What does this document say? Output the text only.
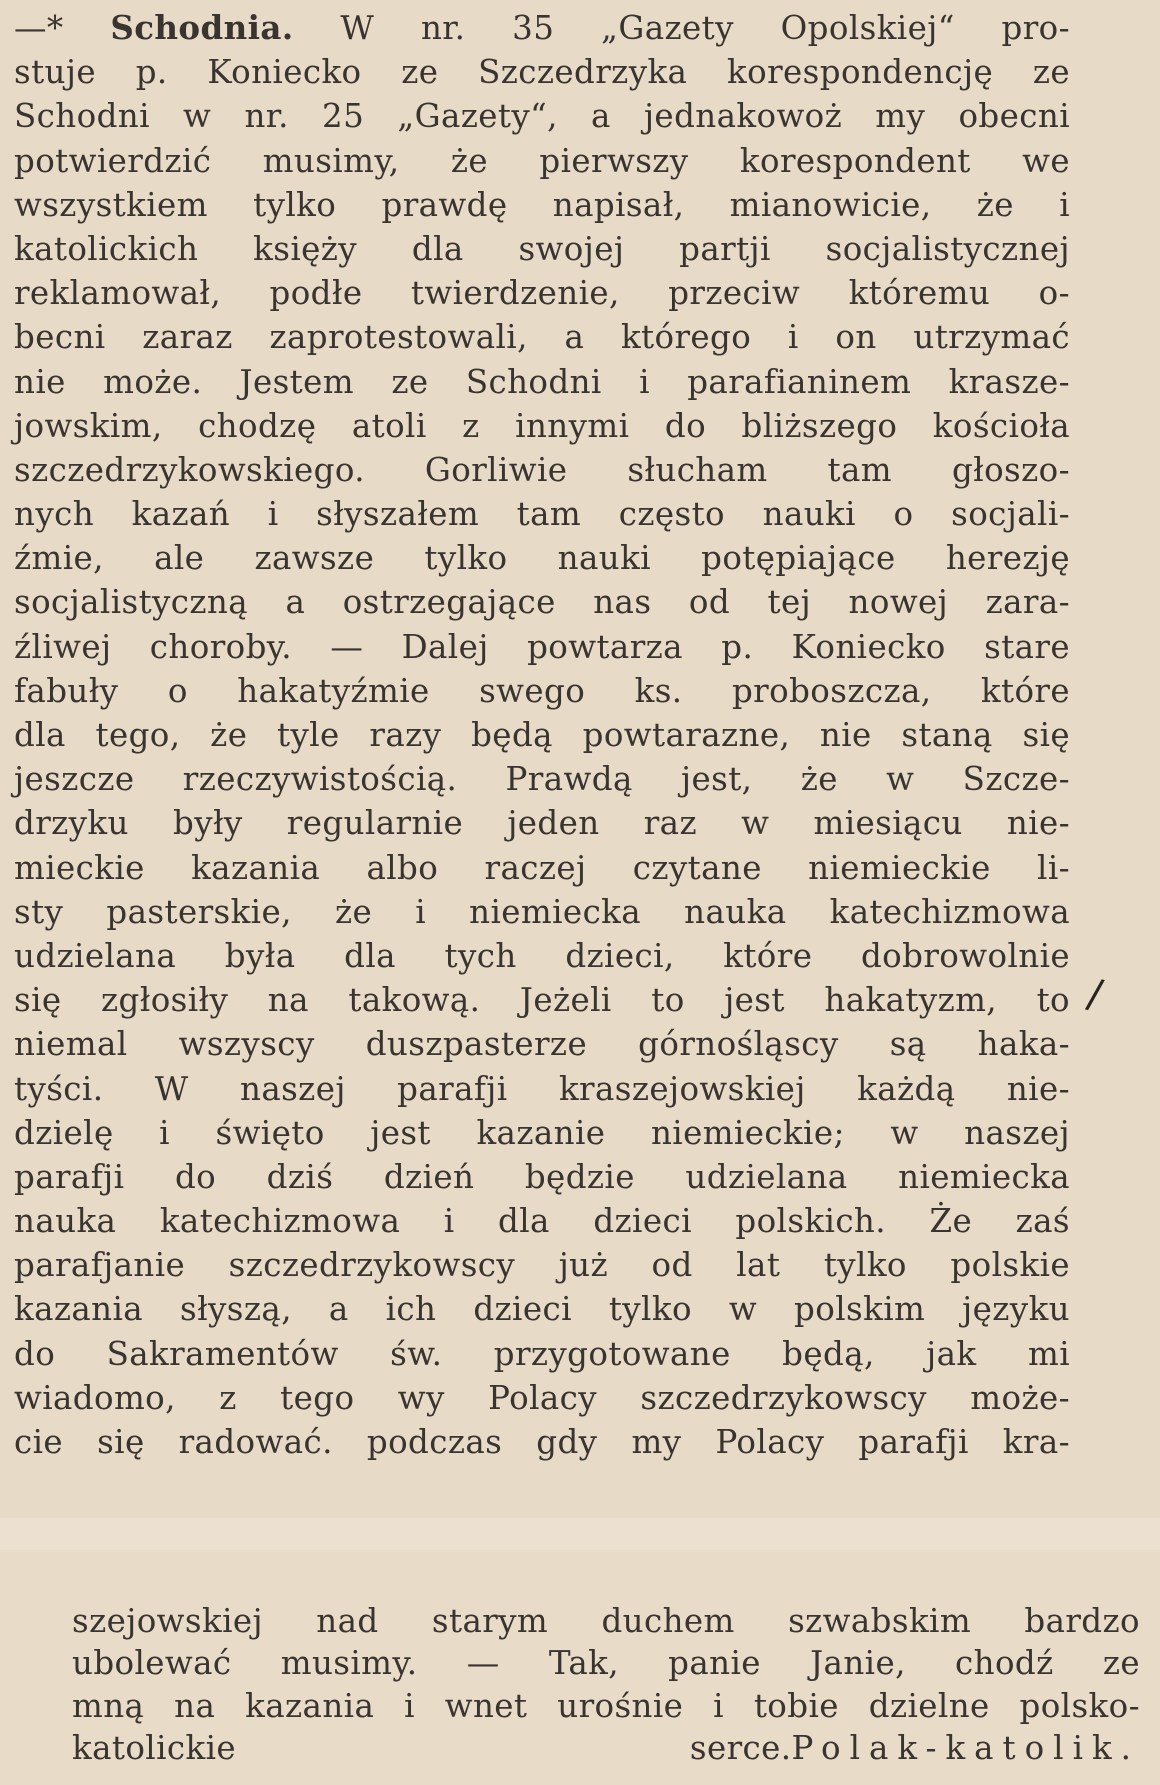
—* Schodnia. W nr. 35 „Gazety Opolskiej“ pro-
stuje p. Koniecko ze Szczedrzyka korespondencję ze
Schodni w nr. 25 „Gazety“, a jednakowoż my obecni
potwierdzić musimy, że pierwszy korespondent we
wszystkiem tylko prawdę napisał, mianowicie, że i
katolickich księży dla swojej partji socjalistycznej
reklamował, podłe twierdzenie, przeciw któremu o-
becni zaraz zaprotestowali, a którego i on utrzymać
nie może. Jestem ze Schodni i parafianinem krasze-
jowskim, chodzę atoli z innymi do bliższego kościoła
szczedrzykowskiego. Gorliwie słucham tam głoszo-
nych kazań i słyszałem tam często nauki o socjali-
źmie, ale zawsze tylko nauki potępiające herezję
socjalistyczną a ostrzegające nas od tej nowej zara-
źliwej choroby. — Dalej powtarza p. Koniecko stare
fabuły o hakatyźmie swego ks. proboszcza, które
dla tego, że tyle razy będą powtarazne, nie staną się
jeszcze rzeczywistością. Prawdą jest, że w Szcze-
drzyku były regularnie jeden raz w miesiącu nie-
mieckie kazania albo raczej czytane niemieckie li-
sty pasterskie, że i niemiecka nauka katechizmowa
udzielana była dla tych dzieci, które dobrowolnie
się zgłosiły na takową. Jeżeli to jest hakatyzm, to
niemal wszyscy duszpasterze górnośląscy są haka-
tyści. W naszej parafji kraszejowskiej każdą nie-
dzielę i święto jest kazanie niemieckie; w naszej
parafji do dziś dzień będzie udzielana niemiecka
nauka katechizmowa i dla dzieci polskich. Że zaś
parafjanie szczedrzykowscy już od lat tylko polskie
kazania słyszą, a ich dzieci tylko w polskim języku
do Sakramentów św. przygotowane będą, jak mi
wiadomo, z tego wy Polacy szczedrzykowscy może-
cie się radować. podczas gdy my Polacy parafji kra-
/
szejowskiej nad starym duchem szwabskim bardzo
ubolewać musimy. — Tak, panie Janie, chodź ze
mną na kazania i wnet urośnie i tobie dzielne polsko-
katolickie serce.Polak-katolik.
